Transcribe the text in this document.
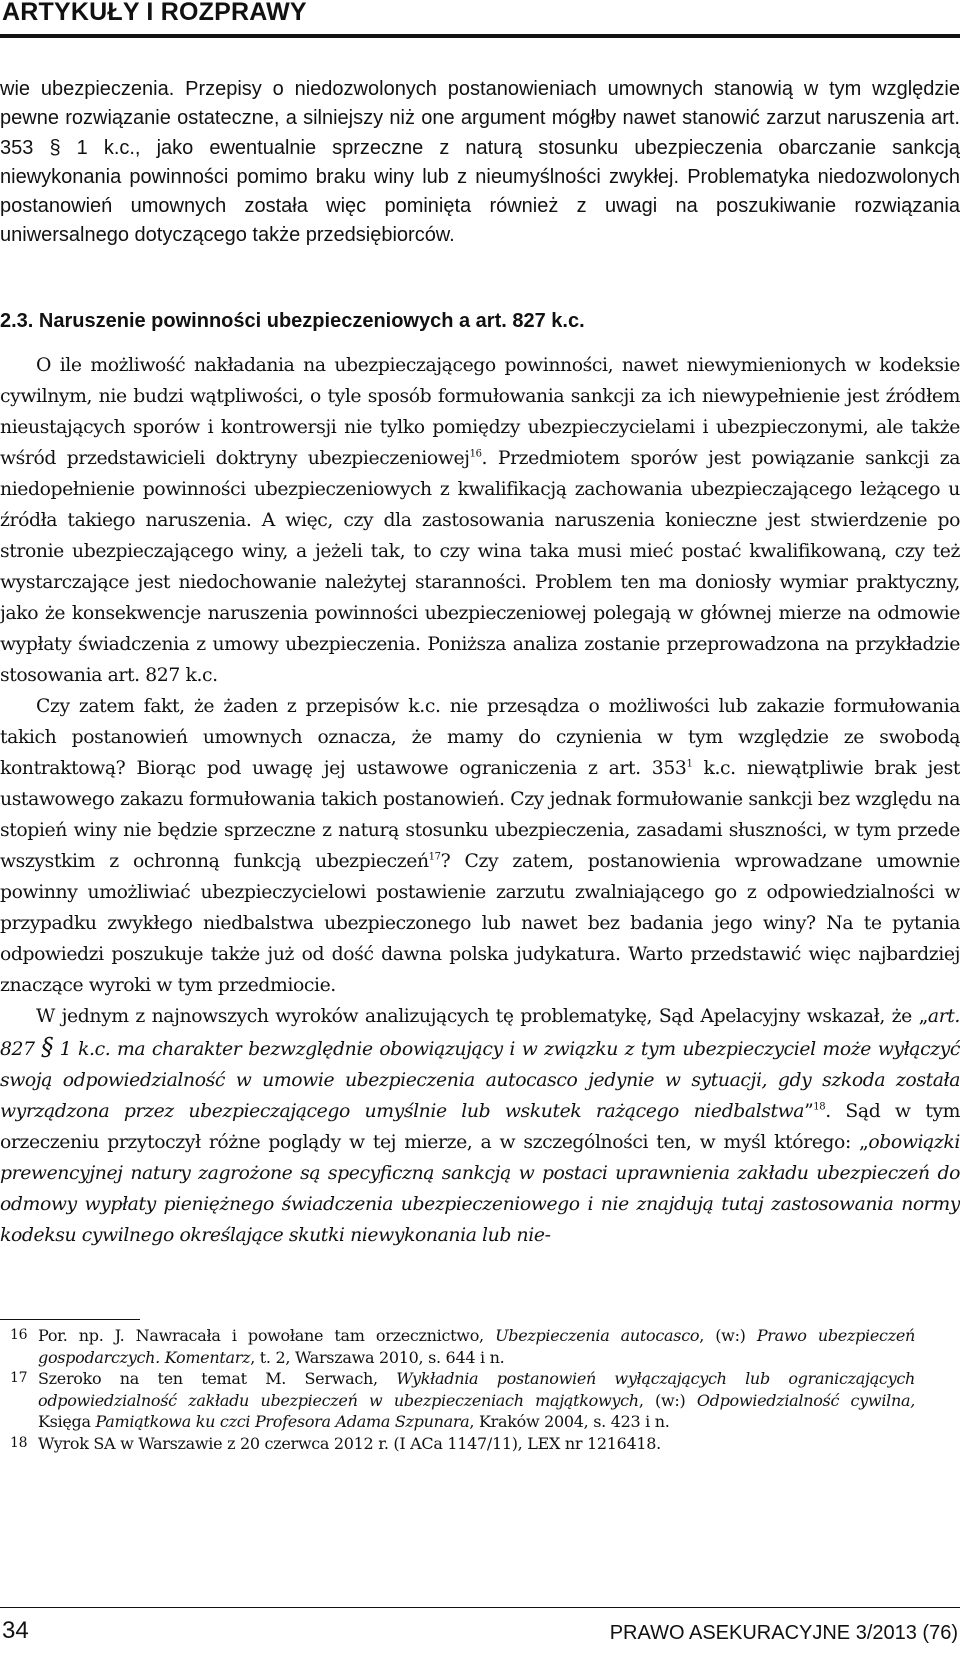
ARTYKUŁY I ROZPRAWY

wie ubezpieczenia. Przepisy o niedozwolonych postanowieniach umownych stanowią w tym względzie pewne rozwiązanie ostateczne, a silniejszy niż one argument mógłby nawet stanowić zarzut naruszenia art. 353 § 1 k.c., jako ewentualnie sprzeczne z naturą stosunku ubezpieczenia obarczanie sankcją niewykonania powinności pomimo braku winy lub z nieumyślności zwykłej. Problematyka niedozwolonych postanowień umownych została więc pominięta również z uwagi na poszukiwanie rozwiązania uniwersalnego dotyczącego także przedsiębiorców.

2.3. Naruszenie powinności ubezpieczeniowych a art. 827 k.c.

O ile możliwość nakładania na ubezpieczającego powinności, nawet niewymienionych w kodeksie cywilnym, nie budzi wątpliwości, o tyle sposób formułowania sankcji za ich niewypełnienie jest źródłem nieustających sporów i kontrowersji nie tylko pomiędzy ubezpieczycielami i ubezpieczonymi, ale także wśród przedstawicieli doktryny ubezpieczeniowej$^{16}$. Przedmiotem sporów jest powiązanie sankcji za niedopełnienie powinności ubezpieczeniowych z kwalifikacją zachowania ubezpieczającego leżącego u źródła takiego naruszenia. A więc, czy dla zastosowania naruszenia konieczne jest stwierdzenie po stronie ubezpieczającego winy, a jeżeli tak, to czy wina taka musi mieć postać kwalifikowaną, czy też wystarczające jest niedochowanie należytej staranności. Problem ten ma doniosły wymiar praktyczny, jako że konsekwencje naruszenia powinności ubezpieczeniowej polegają w głównej mierze na odmowie wypłaty świadczenia z umowy ubezpieczenia. Poniższa analiza zostanie przeprowadzona na przykładzie stosowania art. 827 k.c.

Czy zatem fakt, że żaden z przepisów k.c. nie przesądza o możliwości lub zakazie formułowania takich postanowień umownych oznacza, że mamy do czynienia w tym względzie ze swobodą kontraktową? Biorąc pod uwagę jej ustawowe ograniczenia z art. $353^1$ k.c. niewątpliwie brak jest ustawowego zakazu formułowania takich postanowień. Czy jednak formułowanie sankcji bez względu na stopień winy nie będzie sprzeczne z naturą stosunku ubezpieczenia, zasadami słuszności, w tym przede wszystkim z ochronną funkcją ubezpieczeń$^{17}$? Czy zatem, postanowienia wprowadzane umownie powinny umożliwiać ubezpieczycielowi postawienie zarzutu zwalniającego go z odpowiedzialności w przypadku zwykłego niedbalstwa ubezpieczonego lub nawet bez badania jego winy? Na te pytania odpowiedzi poszukuje także już od dość dawna polska judykatura. Warto przedstawić więc najbardziej znaczące wyroki w tym przedmiocie.

W jednym z najnowszych wyroków analizujących tę problematykę, Sąd Apelacyjny wskazał, że „art. 827 § 1 k.c. ma charakter bezwzględnie obowiązujący i w związku z tym ubezpieczyciel może wyłączyć swoją odpowiedzialność w umowie ubezpieczenia autocasco jedynie w sytuacji, gdy szkoda została wyrządzona przez ubezpieczającego umyślnie lub wskutek rażącego niedbalstwa”$^{18}$. Sąd w tym orzeczeniu przytoczył różne poglądy w tej mierze, a w szczególności ten, w myśl którego: „obowiązki prewencyjnej natury zagrożone są specyficzną sankcją w postaci uprawnienia zakładu ubezpieczeń do odmowy wypłaty pieniężnego świadczenia ubezpieczeniowego i nie znajdują tutaj zastosowania normy kodeksu cywilnego określające skutki niewykonania lub nie-

16 Por. np. J. Nawracała i powołane tam orzecznictwo, Ubezpieczenia autocasco, (w:) Prawo ubezpieczeń gospodarczych. Komentarz, t. 2, Warszawa 2010, s. 644 i n.
17 Szeroko na ten temat M. Serwach, Wykładnia postanowień wyłączających lub ograniczających odpowiedzialność zakładu ubezpieczeń w ubezpieczeniach majątkowych, (w:) Odpowiedzialność cywilna, Księga Pamiątkowa ku czci Profesora Adama Szpunara, Kraków 2004, s. 423 i n.
18 Wyrok SA w Warszawie z 20 czerwca 2012 r. (I ACa 1147/11), LEX nr 1216418.
34	PRAWO ASEKURACYJNE 3/2013 (76)
